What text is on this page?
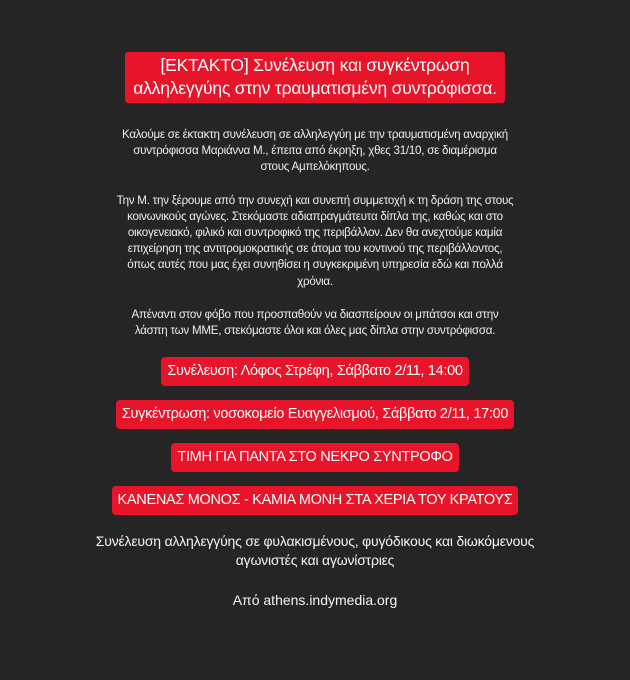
[ΕΚΤΑΚΤΟ] Συνέλευση και συγκέντρωση
αλληλεγγύης στην τραυματισμένη συντρόφισσα.
Καλούμε σε έκτακτη συνέλευση σε αλληλεγγύη με την τραυματισμένη αναρχική
συντρόφισσα Μαριάννα Μ., έπειτα από έκρηξη, χθες 31/10, σε διαμέρισμα
στους Αμπελόκηπους.
Την Μ. την ξέρουμε από την συνεχή και συνεπή συμμετοχή κ τη δράση της στους
κοινωνικούς αγώνες. Στεκόμαστε αδιαπραγμάτευτα δίπλα της, καθώς και στο
οικογενειακό, φιλικό και συντροφικό της περιβάλλον. Δεν θα ανεχτούμε καμία
επιχείρηση της αντιτρομοκρατικής σε άτομα του κοντινού της περιβάλλοντος,
όπως αυτές που μας έχει συνηθίσει η συγκεκριμένη υπηρεσία εδώ και πολλά
χρόνια.
Απέναντι στον φόβο που προσπαθούν να διασπείρουν οι μπάτσοι και στην
λάσπη των ΜΜΕ, στεκόμαστε όλοι και όλες μας δίπλα στην συντρόφισσα.
Συνέλευση: Λόφος Στρέφη, Σάββατο 2/11, 14:00
Συγκέντρωση: νοσοκομείο Ευαγγελισμού, Σάββατο 2/11, 17:00
ΤΙΜΗ ΓΙΑ ΠΑΝΤΑ ΣΤΟ ΝΕΚΡΟ ΣΥΝΤΡΟΦΟ
ΚΑΝΕΝΑΣ ΜΟΝΟΣ - ΚΑΜΙΑ ΜΟΝΗ ΣΤΑ ΧΕΡΙΑ ΤΟΥ ΚΡΑΤΟΥΣ
Συνέλευση αλληλεγγύης σε φυλακισμένους, φυγόδικους και διωκόμενους
αγωνιστές και αγωνίστριες
Από athens.indymedia.org
